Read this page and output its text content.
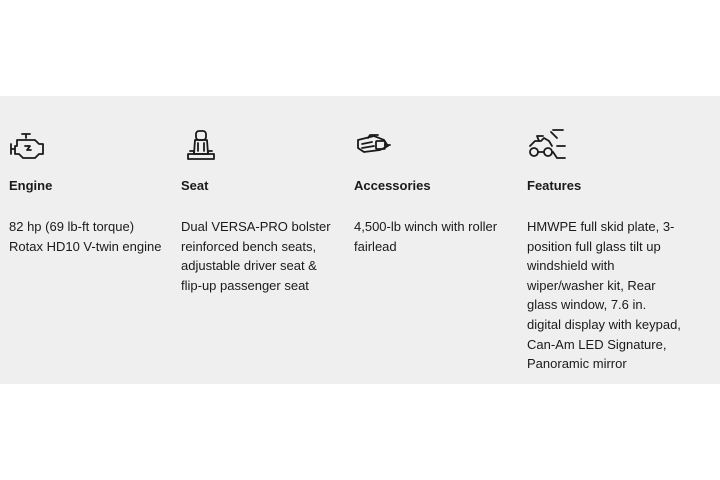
Engine

82 hp (69 lb-ft torque)
Rotax HD10 V-twin engine

Seat

Dual VERSA-PRO bolster
reinforced bench seats,
adjustable driver seat &
flip-up passenger seat

Accessories

4,500-lb winch with roller
fairlead

Features

HMWPE full skid plate, 3-
position full glass tilt up
windshield with
wiper/washer kit, Rear
glass window, 7.6 in.
digital display with keypad,
Can-Am LED Signature,
Panoramic mirror
